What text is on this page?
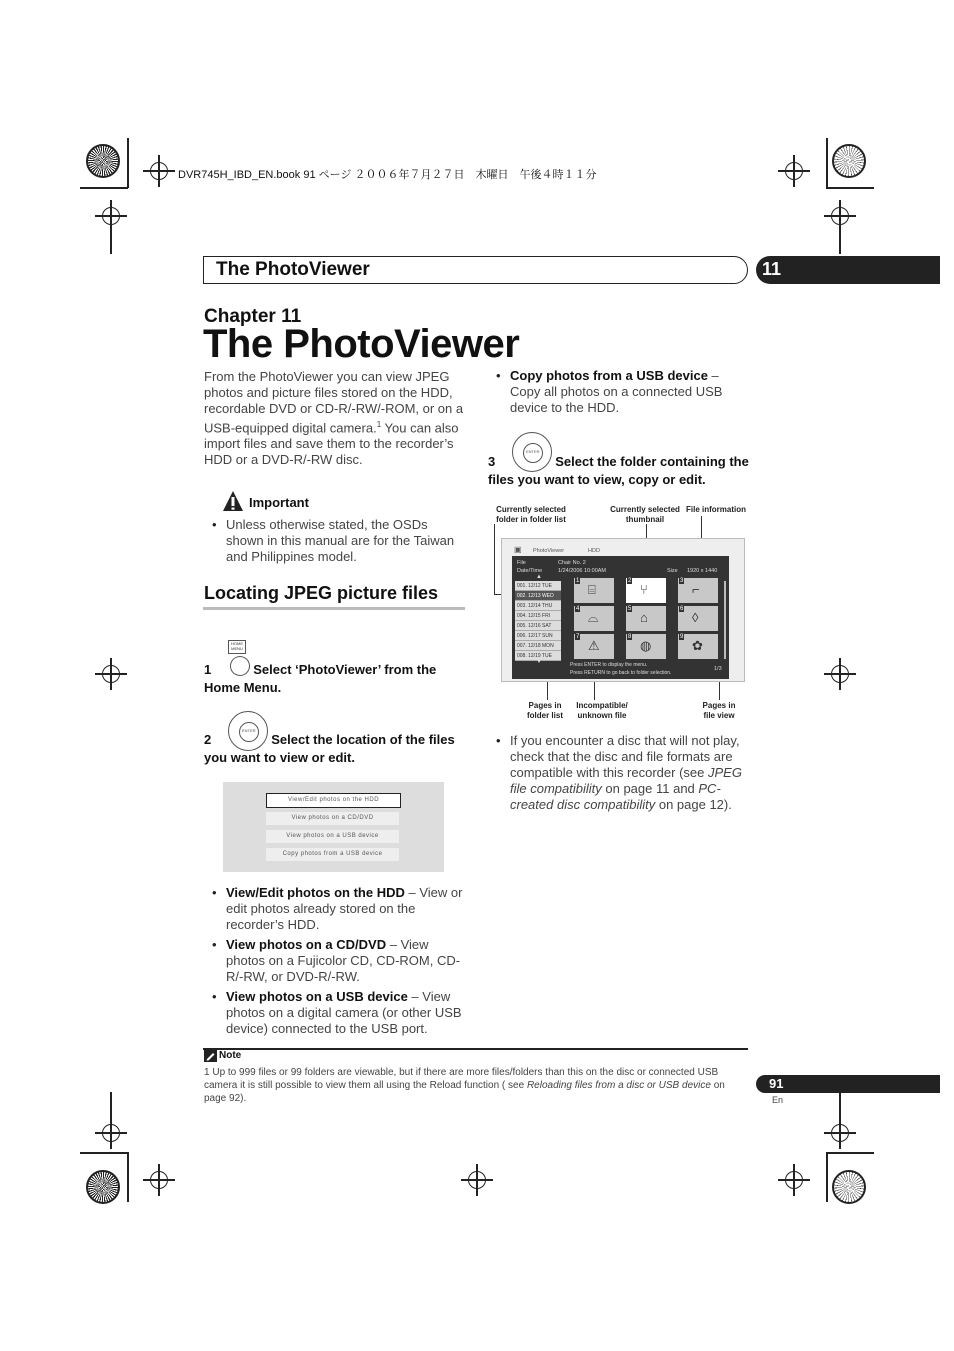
DVR745H_IBD_EN.book 91 ページ ２００６年７月２７日　木曜日　午後４時１１分
The PhotoViewer	11
Chapter 11
The PhotoViewer

From the PhotoViewer you can view JPEG photos and picture files stored on the HDD, recordable DVD or CD-R/-RW/-ROM, or on a USB-equipped digital camera.$^1$ You can also import files and save them to the recorder’s HDD or a DVD-R/-RW disc.

Important
• Unless otherwise stated, the OSDs shown in this manual are for the Taiwan and Philippines model.
Locating JPEG picture files
HOME
MENU
1	Select ‘PhotoViewer’ from the Home Menu.
ENTER
2	Select the location of the files you want to view or edit.
View/Edit photos on the HDD
View photos on a CD/DVD
View photos on a USB device
Copy photos from a USB device
• View/Edit photos on the HDD – View or edit photos already stored on the recorder’s HDD.
• View photos on a CD/DVD – View photos on a Fujicolor CD, CD-ROM, CD-R/-RW, or DVD-R/-RW.
• View photos on a USB device – View photos on a digital camera (or other USB device) connected to the USB port.
• Copy photos from a USB device – Copy all photos on a connected USB device to the HDD.
ENTER
3	Select the folder containing the files you want to view, copy or edit.
Currently selected folder in folder list
Currently selected thumbnail
File information
Pages in folder list
Incompatible/ unknown file
Pages in file view
▣ PhotoViewer	HDD
File	Chair No. 2
Date/Time	1/24/2006 10:00AM	Size 1920 x 1440
▲
001. 12/12 TUE
002. 12/13 WED
003. 12/14 THU
004. 12/15 FRI
005. 12/16 SAT
006. 12/17 SUN
007. 12/18 MON
008. 12/19 TUE
▼
1/2
1
⌸
2
⑂
3
⌐
4
⌓
5
⌂
6
◊
7
⚠
8
◍
9
✿
Press ENTER to display the menu.
Press RETURN to go back to folder selection.
1/3
• If you encounter a disc that will not play, check that the disc and file formats are compatible with this recorder (see JPEG file compatibility on page 11 and PC-created disc compatibility on page 12).
Note
1 Up to 999 files or 99 folders are viewable, but if there are more files/folders than this on the disc or connected USB camera it is still possible to view them all using the Reload function ( see Reloading files from a disc or USB device on page 92).
91
En
